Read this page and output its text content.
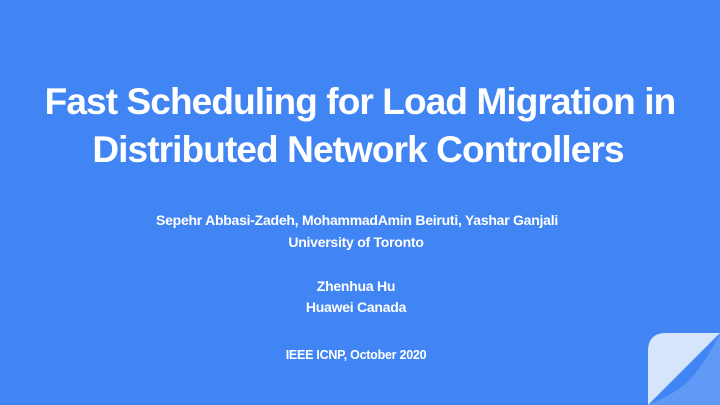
Fast Scheduling for Load Migration in
Distributed Network Controllers

Sepehr Abbasi-Zadeh, MohammadAmin Beiruti, Yashar Ganjali

University of Toronto

Zhenhua Hu

Huawei Canada

IEEE ICNP, October 2020
